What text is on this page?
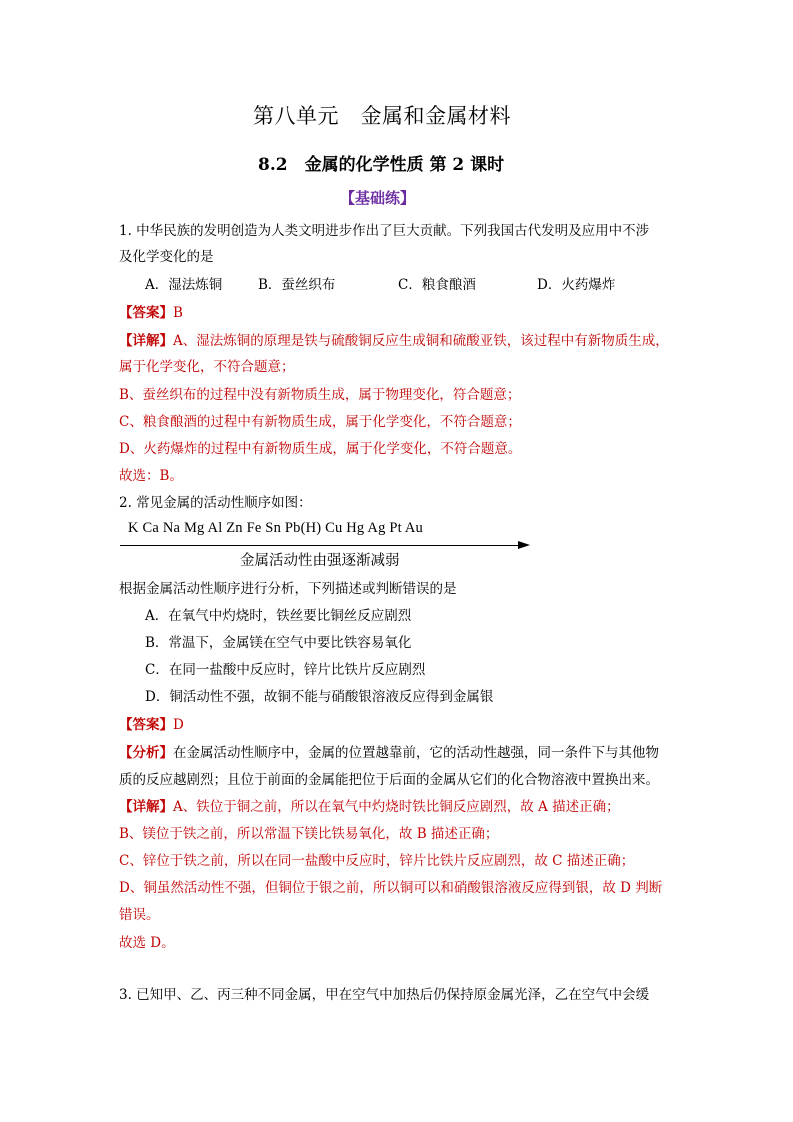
第八单元　金属和金属材料
8.2　金属的化学性质 第 2 课时
【基础练】
1. 中华民族的发明创造为人类文明进步作出了巨大贡献。下列我国古代发明及应用中不涉
及化学变化的是
A．湿法炼铜	B．蚕丝织布	C．粮食酿酒	D．火药爆炸
【答案】B
【详解】A、湿法炼铜的原理是铁与硫酸铜反应生成铜和硫酸亚铁，该过程中有新物质生成，
属于化学变化，不符合题意；
B、蚕丝织布的过程中没有新物质生成，属于物理变化，符合题意；
C、粮食酿酒的过程中有新物质生成，属于化学变化，不符合题意；
D、火药爆炸的过程中有新物质生成，属于化学变化，不符合题意。
故选：B。
2. 常见金属的活动性顺序如图：
K Ca Na Mg Al Zn Fe Sn Pb(H) Cu Hg Ag Pt Au
金属活动性由强逐渐减弱
根据金属活动性顺序进行分析，下列描述或判断错误的是
A．在氧气中灼烧时，铁丝要比铜丝反应剧烈
B．常温下，金属镁在空气中要比铁容易氧化
C．在同一盐酸中反应时，锌片比铁片反应剧烈
D．铜活动性不强，故铜不能与硝酸银溶液反应得到金属银
【答案】D
【分析】在金属活动性顺序中，金属的位置越靠前，它的活动性越强，同一条件下与其他物
质的反应越剧烈；且位于前面的金属能把位于后面的金属从它们的化合物溶液中置换出来。
【详解】A、铁位于铜之前，所以在氧气中灼烧时铁比铜反应剧烈，故 A 描述正确；
B、镁位于铁之前，所以常温下镁比铁易氧化，故 B 描述正确；
C、锌位于铁之前，所以在同一盐酸中反应时，锌片比铁片反应剧烈，故 C 描述正确；
D、铜虽然活动性不强，但铜位于银之前，所以铜可以和硝酸银溶液反应得到银，故 D 判断
错误。
故选 D。
3. 已知甲、乙、丙三种不同金属，甲在空气中加热后仍保持原金属光泽，乙在空气中会缓
